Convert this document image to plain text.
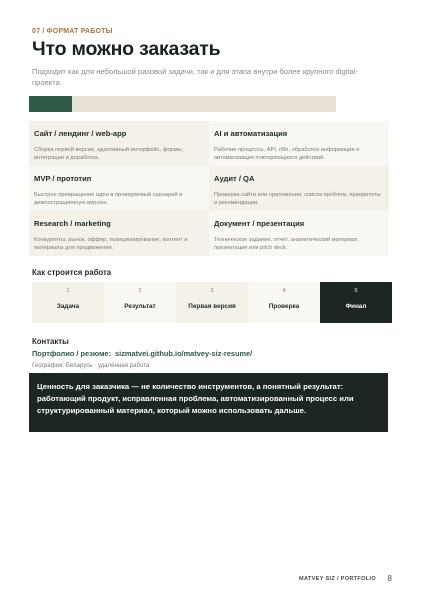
07 / ФОРМАТ РАБОТЫ
Что можно заказать
Подходит как для небольшой разовой задачи, так и для этапа внутри более крупного digital-проекта.
Сайт / лендинг / web-app
Сборка первой версии, адаптивный интерфейс, формы, интеграции и доработка.
AI и автоматизация
Рабочие процессы, API, n8n, обработка информации и автоматизация повторяющихся действий.
MVP / прототип
Быстрое превращение идеи в проверяемый сценарий и демонстрационную версию.
Аудит / QA
Проверка сайта или приложения, список проблем, приоритеты и рекомендации.
Research / marketing
Конкуренты, рынок, оффер, позиционирование, контент и материалы для продвижения.
Документ / презентация
Техническое задание, отчёт, аналитический материал, презентация или pitch deck.
Как строится работа
1
Задача
2
Результат
3
Первая версия
4
Проверка
5
Финал
Контакты
Портфолио / резюме: sizmatvei.github.io/matvey-siz-resume/
География: Беларусь · удалённая работа
Ценность для заказчика — не количество инструментов, а понятный результат: работающий продукт, исправленная проблема, автоматизированный процесс или структурированный материал, который можно использовать дальше.
MATVEY SIZ / PORTFOLIO 8
